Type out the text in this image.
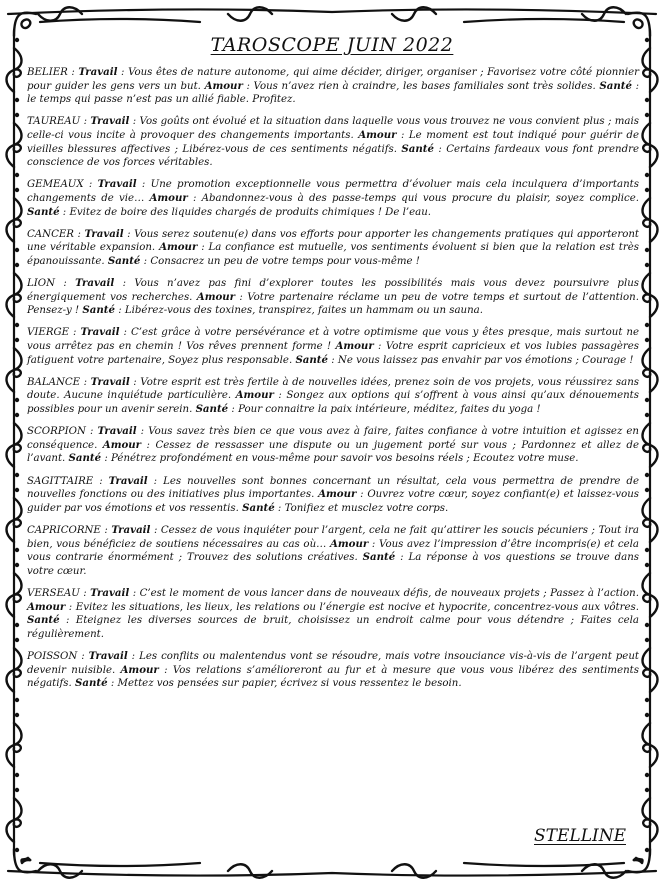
TAROSCOPE JUIN 2022
BELIER : Travail : Vous êtes de nature autonome, qui aime décider, diriger, organiser ; Favorisez votre côté pionnier pour guider les gens vers un but. Amour : Vous n’avez rien à craindre, les bases familiales sont très solides. Santé : le temps qui passe n’est pas un allié fiable. Profitez.
TAUREAU : Travail : Vos goûts ont évolué et la situation dans laquelle vous vous trouvez ne vous convient plus ; mais celle-ci vous incite à provoquer des changements importants. Amour : Le moment est tout indiqué pour guérir de vieilles blessures affectives ; Libérez-vous de ces sentiments négatifs. Santé : Certains fardeaux vous font prendre conscience de vos forces véritables.
GEMEAUX : Travail : Une promotion exceptionnelle vous permettra d’évoluer mais cela inculquera d’importants changements de vie… Amour : Abandonnez-vous à des passe-temps qui vous procure du plaisir, soyez complice. Santé : Evitez de boire des liquides chargés de produits chimiques ! De l’eau.
CANCER : Travail : Vous serez soutenu(e) dans vos efforts pour apporter les changements pratiques qui apporteront une véritable expansion. Amour : La confiance est mutuelle, vos sentiments évoluent si bien que la relation est très épanouissante. Santé : Consacrez un peu de votre temps pour vous-même !
LION : Travail : Vous n’avez pas fini d’explorer toutes les possibilités mais vous devez poursuivre plus énergiquement vos recherches. Amour : Votre partenaire réclame un peu de votre temps et surtout de l’attention. Pensez-y ! Santé : Libérez-vous des toxines, transpirez, faites un hammam ou un sauna.
VIERGE : Travail : C’est grâce à votre persévérance et à votre optimisme que vous y êtes presque, mais surtout ne vous arrêtez pas en chemin ! Vos rêves prennent forme ! Amour : Votre esprit capricieux et vos lubies passagères fatiguent votre partenaire, Soyez plus responsable. Santé : Ne vous laissez pas envahir par vos émotions ; Courage !
BALANCE : Travail : Votre esprit est très fertile à de nouvelles idées, prenez soin de vos projets, vous réussirez sans doute. Aucune inquiétude particulière. Amour : Songez aux options qui s’offrent à vous ainsi qu’aux dénouements possibles pour un avenir serein. Santé : Pour connaitre la paix intérieure, méditez, faites du yoga !
SCORPION : Travail : Vous savez très bien ce que vous avez à faire, faites confiance à votre intuition et agissez en conséquence. Amour : Cessez de ressasser une dispute ou un jugement porté sur vous ; Pardonnez et allez de l’avant. Santé : Pénétrez profondément en vous-même pour savoir vos besoins réels ; Ecoutez votre muse.
SAGITTAIRE : Travail : Les nouvelles sont bonnes concernant un résultat, cela vous permettra de prendre de nouvelles fonctions ou des initiatives plus importantes. Amour : Ouvrez votre cœur, soyez confiant(e) et laissez-vous guider par vos émotions et vos ressentis. Santé : Tonifiez et musclez votre corps.
CAPRICORNE : Travail : Cessez de vous inquiéter pour l’argent, cela ne fait qu’attirer les soucis pécuniers ; Tout ira bien, vous bénéficiez de soutiens nécessaires au cas où… Amour : Vous avez l’impression d’être incompris(e) et cela vous contrarie énormément ; Trouvez des solutions créatives. Santé : La réponse à vos questions se trouve dans votre cœur.
VERSEAU : Travail : C’est le moment de vous lancer dans de nouveaux défis, de nouveaux projets ; Passez à l’action. Amour : Evitez les situations, les lieux, les relations ou l’énergie est nocive et hypocrite, concentrez-vous aux vôtres. Santé : Eteignez les diverses sources de bruit, choisissez un endroit calme pour vous détendre ; Faites cela régulièrement.
POISSON : Travail : Les conflits ou malentendus vont se résoudre, mais votre insouciance vis-à-vis de l’argent peut devenir nuisible. Amour : Vos relations s’amélioreront au fur et à mesure que vous vous libérez des sentiments négatifs. Santé : Mettez vos pensées sur papier, écrivez si vous ressentez le besoin.
STELLINE
